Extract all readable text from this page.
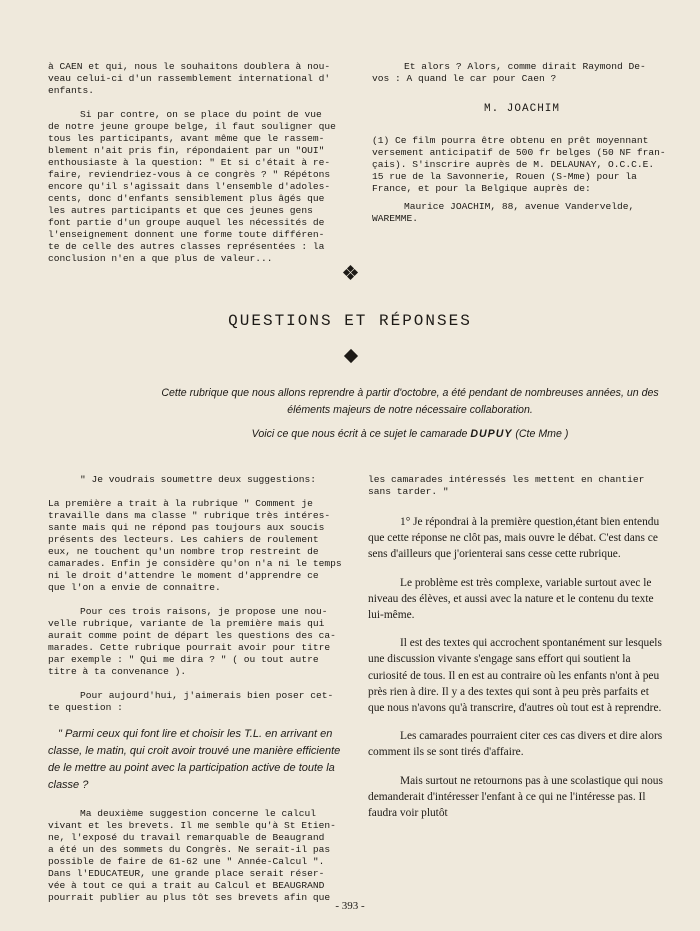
à CAEN et qui, nous le souhaitons doublera à nou-
veau celui-ci d'un rassemblement international d'
enfants.

Si par contre, on se place du point de vue
de notre jeune groupe belge, il faut souligner que
tous les participants, avant même que le rassem-
blement n'ait pris fin, répondaient par un "OUI"
enthousiaste à la question: " Et si c'était à re-
faire, reviendriez-vous à ce congrès ? " Répétons
encore qu'il s'agissait dans l'ensemble d'adoles-
cents, donc d'enfants sensiblement plus âgés que
les autres participants et que ces jeunes gens
font partie d'un groupe auquel les nécessités de
l'enseignement donnent une forme toute différen-
te de celle des autres classes représentées : la
conclusion n'en a que plus de valeur...

Et alors ? Alors, comme dirait Raymond De-
vos : A quand le car pour Caen ?

M. JOACHIM

(1) Ce film pourra être obtenu en prêt moyennant
versement anticipatif de 500 fr belges (50 NF fran-
çais). S'inscrire auprès de M. DELAUNAY, O.C.C.E.
15 rue de la Savonnerie, Rouen (S-Mme) pour la
France, et pour la Belgique auprès de:

Maurice JOACHIM, 88, avenue Vandervelde,
WAREMME.

QUESTIONS ET RÉPONSES
Cette rubrique que nous allons reprendre à partir d'octobre, a été pendant de nombreuses années, un des éléments majeurs de notre nécessaire collaboration.
Voici ce que nous écrit à ce sujet le camarade DUPUY (Cte Mme )

" Je voudrais soumettre deux suggestions:

La première a trait à la rubrique " Comment je
travaille dans ma classe " rubrique très intéres-
sante mais qui ne répond pas toujours aux soucis
présents des lecteurs. Les cahiers de roulement
eux, ne touchent qu'un nombre trop restreint de
camarades. Enfin je considère qu'on n'a ni le temps
ni le droit d'attendre le moment d'apprendre ce
que l'on a envie de connaître.

Pour ces trois raisons, je propose une nou-
velle rubrique, variante de la première mais qui
aurait comme point de départ les questions des ca-
marades. Cette rubrique pourrait avoir pour titre
par exemple : " Qui me dira ? " ( ou tout autre
titre à ta convenance ).

Pour aujourd'hui, j'aimerais bien poser cet-
te question :

" Parmi ceux qui font lire et choisir les T.L. en arrivant en classe, le matin, qui croit avoir trouvé une manière efficiente de le mettre au point avec la participation active de toute la classe ?

Ma deuxième suggestion concerne le calcul
vivant et les brevets. Il me semble qu'à St Etien-
ne, l'exposé du travail remarquable de Beaugrand
a été un des sommets du Congrès. Ne serait-il pas
possible de faire de 61-62 une " Année-Calcul ".
Dans l'EDUCATEUR, une grande place serait réser-
vée à tout ce qui a trait au Calcul et BEAUGRAND
pourrait publier au plus tôt ses brevets afin que

les camarades intéressés les mettent en chantier
sans tarder. "

1° Je répondrai à la première question,étant bien entendu que cette réponse ne clôt pas, mais ouvre le débat. C'est dans ce sens d'ailleurs que j'orienterai sans cesse cette rubrique.

Le problème est très complexe, variable surtout avec le niveau des élèves, et aussi avec la nature et le contenu du texte lui-même.

Il est des textes qui accrochent spontanément sur lesquels une discussion vivante s'engage sans effort qui soutient la curiosité de tous. Il en est au contraire où les enfants n'ont à peu près rien à dire. Il y a des textes qui sont à peu près parfaits et que nous n'avons qu'à transcrire, d'autres où tout est à reprendre.

Les camarades pourraient citer ces cas divers et dire alors comment ils se sont tirés d'affaire.

Mais surtout ne retournons pas à une scolastique qui nous demanderait d'intéresser l'enfant à ce qui ne l'intéresse pas. Il faudra voir plutôt

- 393 -
